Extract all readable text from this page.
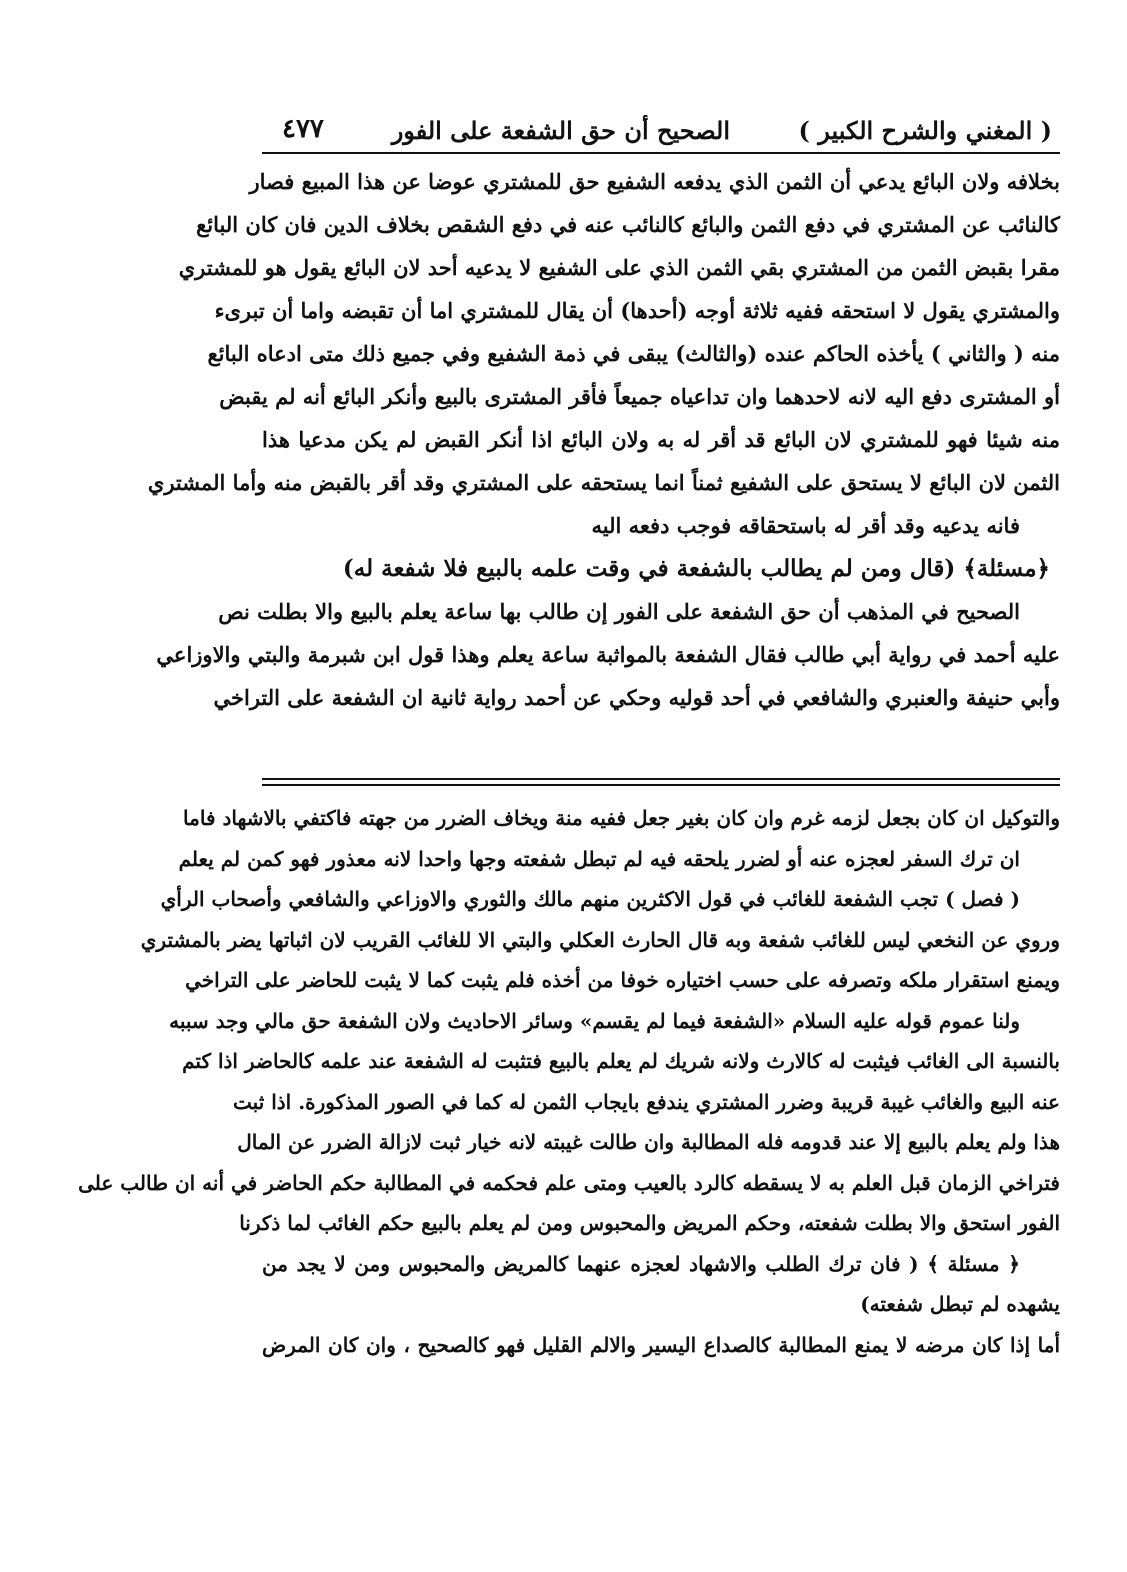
( المغني والشرح الكبير )
الصحيح أن حق الشفعة على الفور
٤٧٧
بخلافه ولان البائع يدعي أن الثمن الذي يدفعه الشفيع حق للمشتري عوضا عن هذا المبيع فصار
كالنائب عن المشتري في دفع الثمن والبائع كالنائب عنه في دفع الشقص بخلاف الدين فان كان البائع
مقرا بقبض الثمن من المشتري بقي الثمن الذي على الشفيع لا يدعيه أحد لان البائع يقول هو للمشتري
والمشتري يقول لا استحقه ففيه ثلاثة أوجه (أحدها) أن يقال للمشتري اما أن تقبضه واما أن تبرىء
منه ( والثاني ) يأخذه الحاكم عنده (والثالث) يبقى في ذمة الشفيع وفي جميع ذلك متى ادعاه البائع
أو المشترى دفع اليه لانه لاحدهما وان تداعياه جميعاً فأقر المشترى بالبيع وأنكر البائع أنه لم يقبض
منه شيئا فهو للمشتري لان البائع قد أقر له به ولان البائع اذا أنكر القبض لم يكن مدعيا هذا
الثمن لان البائع لا يستحق على الشفيع ثمناً انما يستحقه على المشتري وقد أقر بالقبض منه وأما المشتري
فانه يدعيه وقد أقر له باستحقاقه فوجب دفعه اليه
﴿مسئلة﴾ (قال ومن لم يطالب بالشفعة في وقت علمه بالبيع فلا شفعة له)
الصحيح في المذهب أن حق الشفعة على الفور إن طالب بها ساعة يعلم بالبيع والا بطلت نص
عليه أحمد في رواية أبي طالب فقال الشفعة بالمواثبة ساعة يعلم وهذا قول ابن شبرمة والبتي والاوزاعي
وأبي حنيفة والعنبري والشافعي في أحد قوليه وحكي عن أحمد رواية ثانية ان الشفعة على التراخي
والتوكيل ان كان بجعل لزمه غرم وان كان بغير جعل ففيه منة ويخاف الضرر من جهته فاكتفي بالاشهاد فاما
ان ترك السفر لعجزه عنه أو لضرر يلحقه فيه لم تبطل شفعته وجها واحدا لانه معذور فهو كمن لم يعلم
( فصل ) تجب الشفعة للغائب في قول الاكثرين منهم مالك والثوري والاوزاعي والشافعي وأصحاب الرأي
وروي عن النخعي ليس للغائب شفعة وبه قال الحارث العكلي والبتي الا للغائب القريب لان اثباتها يضر بالمشتري
ويمنع استقرار ملكه وتصرفه على حسب اختياره خوفا من أخذه فلم يثبت كما لا يثبت للحاضر على التراخي
ولنا عموم قوله عليه السلام «الشفعة فيما لم يقسم» وسائر الاحاديث ولان الشفعة حق مالي وجد سببه
بالنسبة الى الغائب فيثبت له كالارث ولانه شريك لم يعلم بالبيع فتثبت له الشفعة عند علمه كالحاضر اذا كتم
عنه البيع والغائب غيبة قريبة وضرر المشتري يندفع بايجاب الثمن له كما في الصور المذكورة. اذا ثبت
هذا ولم يعلم بالبيع إلا عند قدومه فله المطالبة وان طالت غيبته لانه خيار ثبت لازالة الضرر عن المال
فتراخي الزمان قبل العلم به لا يسقطه كالرد بالعيب ومتى علم فحكمه في المطالبة حكم الحاضر في أنه ان طالب على
الفور استحق والا بطلت شفعته، وحكم المريض والمحبوس ومن لم يعلم بالبيع حكم الغائب لما ذكرنا
﴿ مسئلة ﴾ ( فان ترك الطلب والاشهاد لعجزه عنهما كالمريض والمحبوس ومن لا يجد من
يشهده لم تبطل شفعته)
أما إذا كان مرضه لا يمنع المطالبة كالصداع اليسير والالم القليل فهو كالصحيح ، وان كان المرض
